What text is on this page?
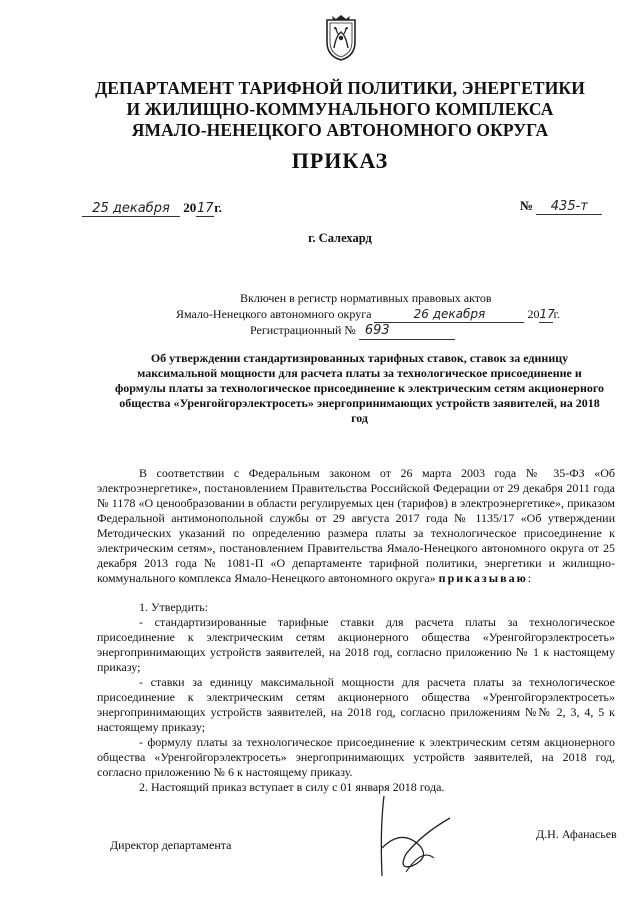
ДЕПАРТАМЕНТ ТАРИФНОЙ ПОЛИТИКИ, ЭНЕРГЕТИКИ
И ЖИЛИЩНО-КОММУНАЛЬНОГО КОМПЛЕКСА
ЯМАЛО-НЕНЕЦКОГО АВТОНОМНОГО ОКРУГА
ПРИКАЗ
25 декабря 2017г.	№ 435-т
г. Салехард
Включен в регистр нормативных правовых актов
Ямало-Ненецкого автономного округа	26 декабря	2017г.
Регистрационный № 693
Об утверждении стандартизированных тарифных ставок, ставок за единицу максимальной мощности для расчета платы за технологическое присоединение и формулы платы за технологическое присоединение к электрическим сетям акционерного общества «Уренгойгорэлектросеть» энергопринимающих устройств заявителей, на 2018 год
В соответствии с Федеральным законом от 26 марта 2003 года № 35-ФЗ «Об электроэнергетике», постановлением Правительства Российской Федерации от 29 декабря 2011 года № 1178 «О ценообразовании в области регулируемых цен (тарифов) в электроэнергетике», приказом Федеральной антимонопольной службы от 29 августа 2017 года № 1135/17 «Об утверждении Методических указаний по определению размера платы за технологическое присоединение к электрическим сетям», постановлением Правительства Ямало-Ненецкого автономного округа от 25 декабря 2013 года № 1081-П «О департаменте тарифной политики, энергетики и жилищно-коммунального комплекса Ямало-Ненецкого автономного округа» приказываю:
1. Утвердить:
- стандартизированные тарифные ставки для расчета платы за технологическое присоединение к электрическим сетям акционерного общества «Уренгойгорэлектросеть» энергопринимающих устройств заявителей, на 2018 год, согласно приложению № 1 к настоящему приказу;
- ставки за единицу максимальной мощности для расчета платы за технологическое присоединение к электрическим сетям акционерного общества «Уренгойгорэлектросеть» энергопринимающих устройств заявителей, на 2018 год, согласно приложениям №№ 2, 3, 4, 5 к настоящему приказу;
- формулу платы за технологическое присоединение к электрическим сетям акционерного общества «Уренгойгорэлектросеть» энергопринимающих устройств заявителей, на 2018 год, согласно приложению № 6 к настоящему приказу.
2. Настоящий приказ вступает в силу с 01 января 2018 года.
Директор департамента
Д.Н. Афанасьев
